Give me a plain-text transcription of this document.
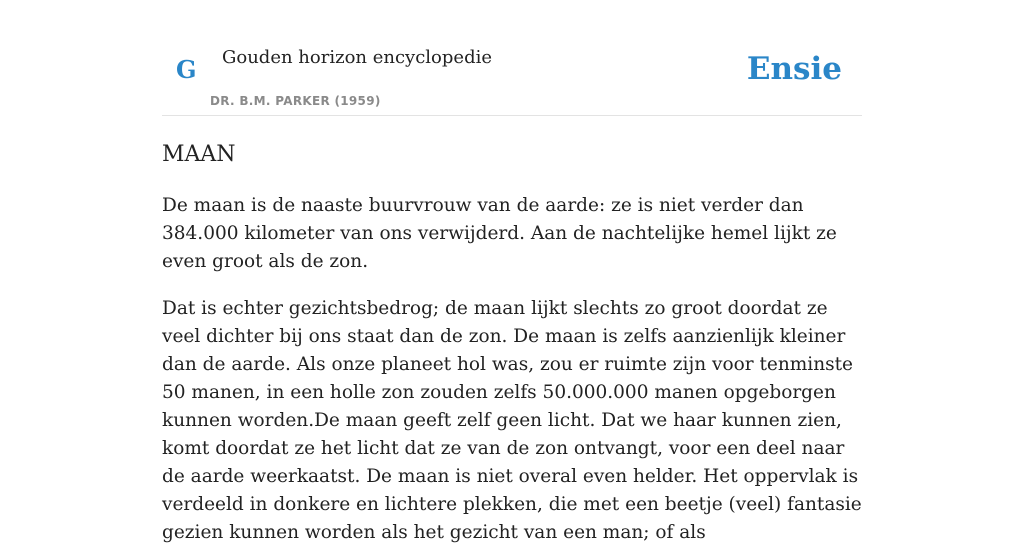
G Gouden horizon encyclopedie
DR. B.M. PARKER (1959)
Ensie
MAAN

De maan is de naaste buurvrouw van de aarde: ze is niet verder dan 384.000 kilometer van ons verwijderd. Aan de nachtelijke hemel lijkt ze even groot als de zon.

Dat is echter gezichtsbedrog; de maan lijkt slechts zo groot doordat ze veel dichter bij ons staat dan de zon. De maan is zelfs aanzienlijk kleiner dan de aarde. Als onze planeet hol was, zou er ruimte zijn voor tenminste 50 manen, in een holle zon zouden zelfs 50.000.000 manen opgeborgen kunnen worden.De maan geeft zelf geen licht. Dat we haar kunnen zien, komt doordat ze het licht dat ze van de zon ontvangt, voor een deel naar de aarde weerkaatst. De maan is niet overal even helder. Het oppervlak is verdeeld in donkere en lichtere plekken, die met een beetje (veel) fantasie gezien kunnen worden als het gezicht van een man; of als
